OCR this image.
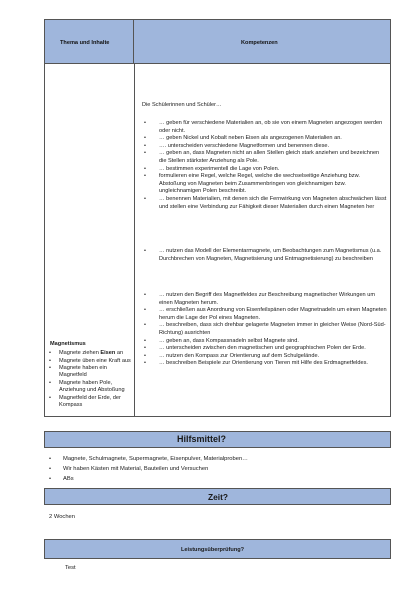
Thema und Inhalte	Kompetenzen
Magnetismus
• Magnete ziehen Eisen an
• Magnete üben eine Kraft aus
• Magnete haben ein Magnetfeld
• Magnete haben Pole, Anziehung und Abstoßung
• Magnetfeld der Erde, der Kompass
Die Schülerinnen und Schüler…
• … geben für verschiedene Materialien an, ob sie von einem Magneten angezogen werden oder nicht.
• … geben Nickel und Kobalt neben Eisen als angezogenen Materialien an.
• …. unterscheiden verschiedene Magnetformen und benennen diese.
• … geben an, dass Magneten nicht an allen Stellen gleich stark anziehen und bezeichnen die Stellen stärkster Anziehung als Pole.
• … bestimmen experimentell die Lage von Polen.
• formulieren eine Regel, welche Regel, welche die wechselseitige Anziehung bzw. Abstoßung von Magneten beim Zusammenbringen von gleichnamigen bzw. ungleichnamigen Polen beschreibt.
• … benennen Materialien, mit denen sich die Fernwirkung von Magneten abschwächen lässt und stellen eine Verbindung zur Fähigkeit dieser Materialien durch einen Magneten her
• … nutzen das Modell der Elementarmagnete, um Beobachtungen zum Magnetismus (u.a. Durchbrechen von Magneten, Magnetisierung und Entmagnetisierung) zu beschreiben
• … nutzen den Begriff des Magnetfeldes zur Beschreibung magnetischer Wirkungen um einen Magneten herum.
• … erschließen aus Anordnung von Eisenfeilspänen oder Magnetnadeln um einen Magneten herum die Lage der Pol eines Magneten.
• … beschreiben, dass sich drehbar gelagerte Magneten immer in gleicher Weise (Nord-Süd-Richtung) ausrichten
• … geben an, dass Kompassnadeln selbst Magnete sind.
• … unterscheiden zwischen den magnetischen und geographischen Polen der Erde.
• … nutzen den Kompass zur Orientierung auf dem Schulgelände.
• … beschreiben Beispiele zur Orientierung von Tieren mit Hilfe des Erdmagnetfeldes.
Hilfsmittel?
• Magnete, Schulmagnete, Supermagnete, Eisenpulver, Materialproben…
• Wir haben Kästen mit Material, Bauteilen und Versuchen
• ABs
Zeit?
2 Wochen
Leistungsüberprüfung?
Test
